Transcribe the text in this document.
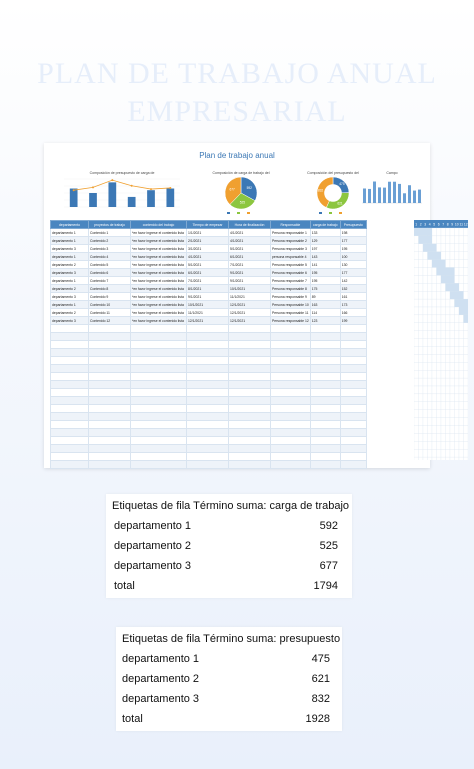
PLAN DE TRABAJO ANUAL
EMPRESARIAL
Plan de trabajo anual
Composición de presupuesto de carga de	Composición de carga de trabajo del
592
525
677
Composición del presupuesto del
475
621
832
Campo
departamento	proyectos de trabajo	contenido del trabajo	Tiempo de empezar	Hora de finalización	Responsable	carga de trabajo	Presupuesto
departamento 1	Contenido 1	*en favor ingrese el contenido lista	1/1/2021	4/1/2021	Persona responsable 1	133	198
departamento 1	Contenido 2	*en favor ingrese el contenido lista	2/1/2021	4/1/2021	Persona responsable 2	129	177
departamento 3	Contenido 3	*en favor ingrese el contenido lista	3/1/2021	5/1/2021	Persona responsable 3	197	195
departamento 1	Contenido 4	*en favor ingrese el contenido lista	4/1/2021	6/1/2021	persona responsable 4	143	100
departamento 2	Contenido 5	*en favor ingrese el contenido lista	5/1/2021	7/1/2021	Persona responsable 5	141	130
departamento 3	Contenido 6	*en favor ingrese el contenido lista	6/1/2021	9/1/2021	Persona responsable 6	195	177
departamento 1	Contenido 7	*en favor ingrese el contenido lista	7/1/2021	9/1/2021	Persona responsable 7	195	142
departamento 2	Contenido 8	*en favor ingrese el contenido lista	8/1/2021	10/1/2021	Persona responsable 8	175	152
departamento 3	Contenido 9	*en favor ingrese el contenido lista	9/1/2021	11/1/2021	Persona responsable 9	89	161
departamento 1	Contenido 10	*en favor ingrese el contenido lista	10/1/2021	12/1/2021	Persona responsable 10	163	173
departamento 2	Contenido 11	*en favor ingrese el contenido lista	11/1/2021	12/1/2021	Persona responsable 11	114	166
departamento 3	Contenido 12	*en favor ingrese el contenido lista	12/1/2021	12/1/2021	Persona responsable 12	123	199

1 2 3 4 5 6 7 8 9 10 11 12
Etiquetas de fila Término suma: carga de trabajo
departamento 1	592
departamento 2	525
departamento 3	677
total	1794
Etiquetas de fila Término suma: presupuesto
departamento 1	475
departamento 2	621
departamento 3	832
total	1928
